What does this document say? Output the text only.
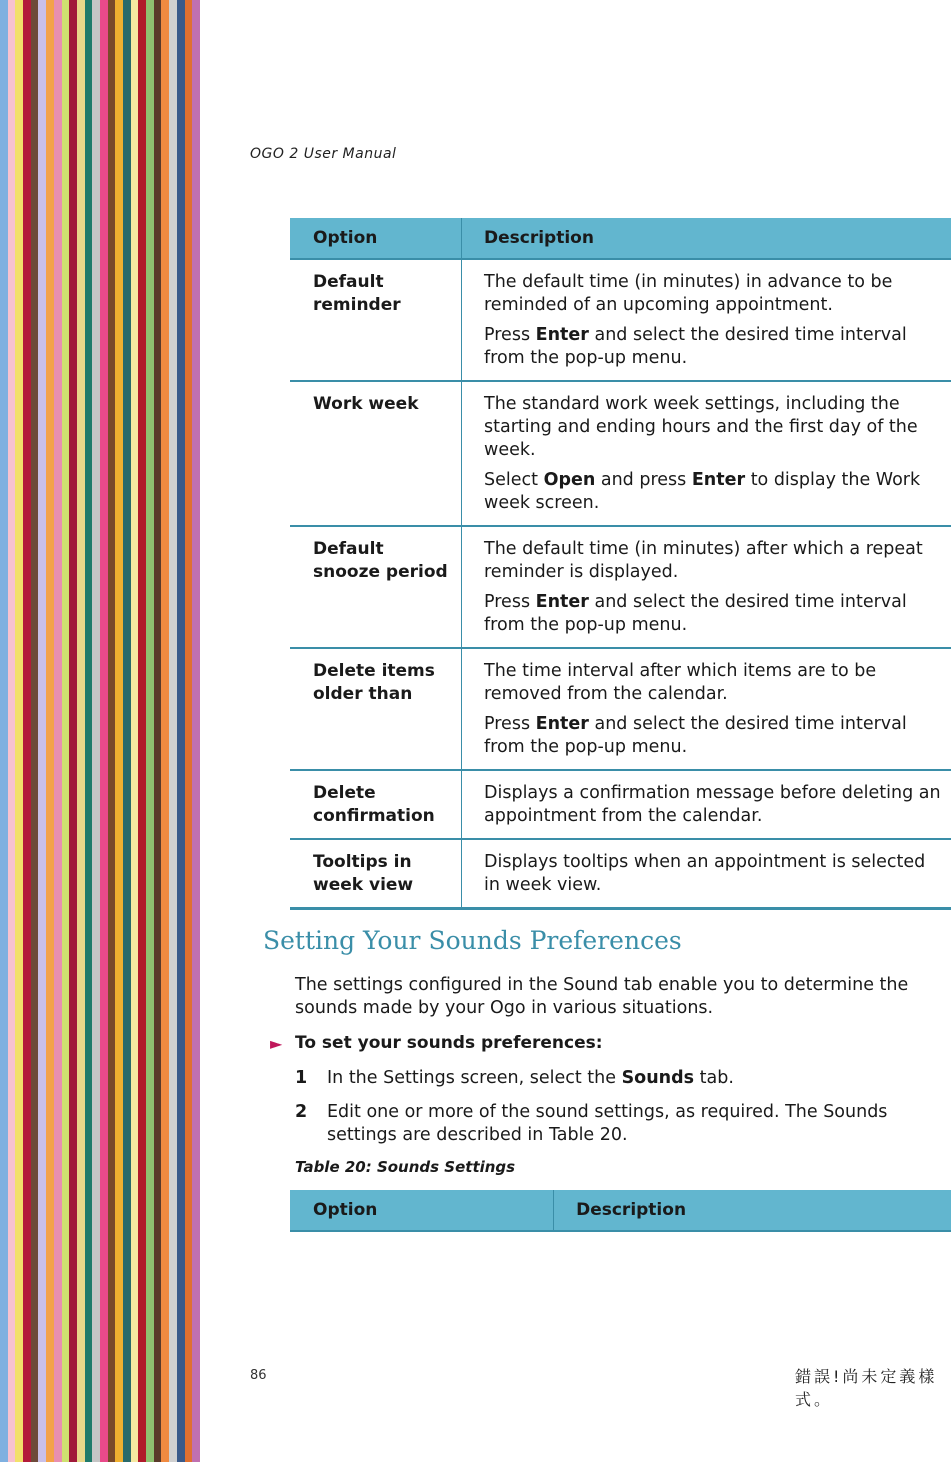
OGO 2 User Manual
Option	Description
Default reminder	The default time (in minutes) in advance to be reminded of an upcoming appointment.

Press Enter and select the desired time interval from the pop-up menu.

Work week	The standard work week settings, including the starting and ending hours and the first day of the week.

Select Open and press Enter to display the Work week screen.

Default snooze period	The default time (in minutes) after which a repeat reminder is displayed.

Press Enter and select the desired time interval from the pop-up menu.

Delete items older than	The time interval after which items are to be removed from the calendar.

Press Enter and select the desired time interval from the pop-up menu.

Delete confirmation	Displays a confirmation message before deleting an appointment from the calendar.

Tooltips in week view	Displays tooltips when an appointment is selected in week view.

Setting Your Sounds Preferences
The settings configured in the Sound tab enable you to determine the sounds made by your Ogo in various situations.
► To set your sounds preferences:
1	In the Settings screen, select the Sounds tab.
2	Edit one or more of the sound settings, as required. The Sounds settings are described in Table 20.
Table 20: Sounds Settings
Option	Description
86	錯誤!尚未定義樣式。
